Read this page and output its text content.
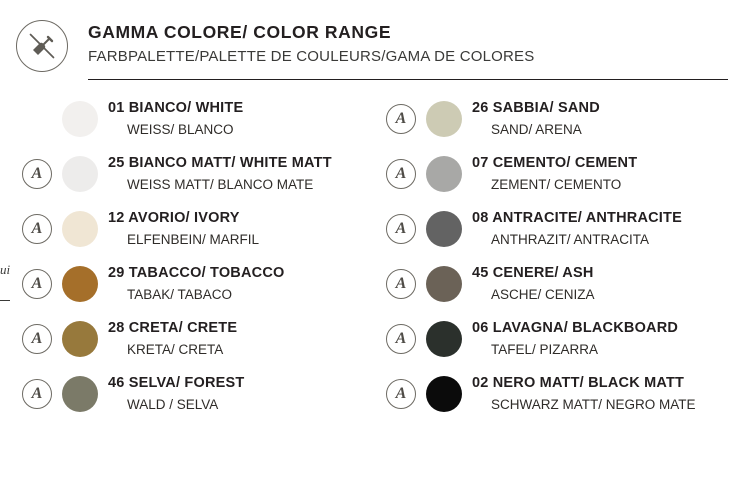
GAMMA COLORE/ COLOR RANGE
FARBPALETTE/PALETTE DE COULEURS/GAMA DE COLORES
ui
01 BIANCO/ WHITE
WEISS/ BLANCO
A
25 BIANCO MATT/ WHITE MATT
WEISS MATT/ BLANCO MATE
A
12 AVORIO/ IVORY
ELFENBEIN/ MARFIL
A
29 TABACCO/ TOBACCO
TABAK/ TABACO
A
28 CRETA/ CRETE
KRETA/ CRETA
A
46 SELVA/ FOREST
WALD / SELVA
A
26 SABBIA/ SAND
SAND/ ARENA
A
07 CEMENTO/ CEMENT
ZEMENT/ CEMENTO
A
08 ANTRACITE/ ANTHRACITE
ANTHRAZIT/ ANTRACITA
A
45 CENERE/ ASH
ASCHE/ CENIZA
A
06 LAVAGNA/ BLACKBOARD
TAFEL/ PIZARRA
A
02 NERO MATT/ BLACK MATT
SCHWARZ MATT/ NEGRO MATE
